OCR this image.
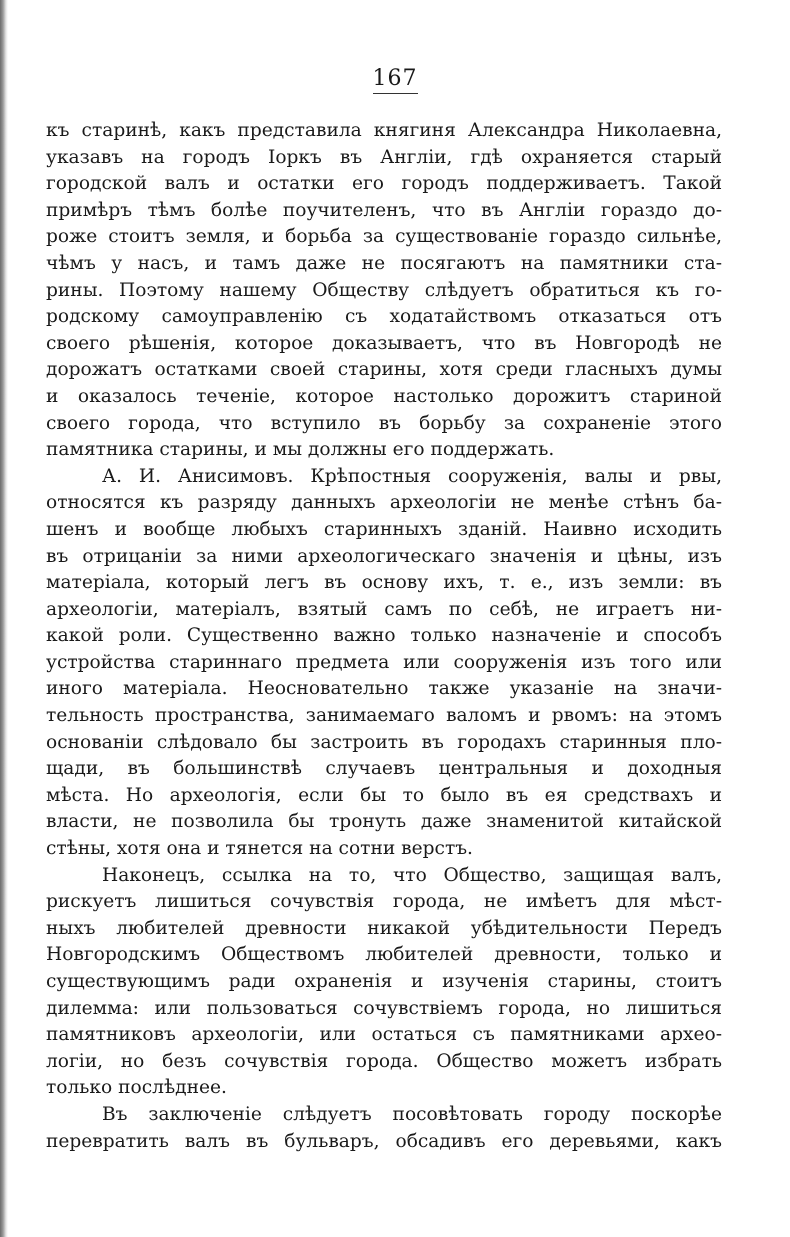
167
къ старинѣ, какъ представила княгиня Александра Николаевна,
указавъ на городъ Іоркъ въ Англіи, гдѣ охраняется старый
городской валъ и остатки его городъ поддерживаетъ. Такой
примѣръ тѣмъ болѣе поучителенъ, что въ Англіи гораздо до-
роже стоитъ земля, и борьба за существованіе гораздо сильнѣе,
чѣмъ у насъ, и тамъ даже не посягаютъ на памятники ста-
рины. Поэтому нашему Обществу слѣдуетъ обратиться къ го-
родскому самоуправленію съ ходатайствомъ отказаться отъ
своего рѣшенія, которое доказываетъ, что въ Новгородѣ не
дорожатъ остатками своей старины, хотя среди гласныхъ думы
и оказалось теченіе, которое настолько дорожитъ стариной
своего города, что вступило въ борьбу за сохраненіе этого
памятника старины, и мы должны его поддержать.
А. И. Анисимовъ. Крѣпостныя сооруженія, валы и рвы,
относятся къ разряду данныхъ археологіи не менѣе стѣнъ ба-
шенъ и вообще любыхъ старинныхъ зданій. Наивно исходить
въ отрицаніи за ними археологическаго значенія и цѣны, изъ
матеріала, который легъ въ основу ихъ, т. е., изъ земли: въ
археологіи, матеріалъ, взятый самъ по себѣ, не играетъ ни-
какой роли. Существенно важно только назначеніе и способъ
устройства стариннаго предмета или сооруженія изъ того или
иного матеріала. Неосновательно также указаніе на значи-
тельность пространства, занимаемаго валомъ и рвомъ: на этомъ
основаніи слѣдовало бы застроить въ городахъ старинныя пло-
щади, въ большинствѣ случаевъ центральныя и доходныя
мѣста. Но археологія, если бы то было въ ея средствахъ и
власти, не позволила бы тронуть даже знаменитой китайской
стѣны, хотя она и тянется на сотни верстъ.
Наконецъ, ссылка на то, что Общество, защищая валъ,
рискуетъ лишиться сочувствія города, не имѣетъ для мѣст-
ныхъ любителей древности никакой убѣдительности Передъ
Новгородскимъ Обществомъ любителей древности, только и
существующимъ ради охраненія и изученія старины, стоитъ
дилемма: или пользоваться сочувствіемъ города, но лишиться
памятниковъ археологіи, или остаться съ памятниками архео-
логіи, но безъ сочувствія города. Общество можетъ избрать
только послѣднее.
Въ заключеніе слѣдуетъ посовѣтовать городу поскорѣе
перевратить валъ въ бульваръ, обсадивъ его деревьями, какъ
